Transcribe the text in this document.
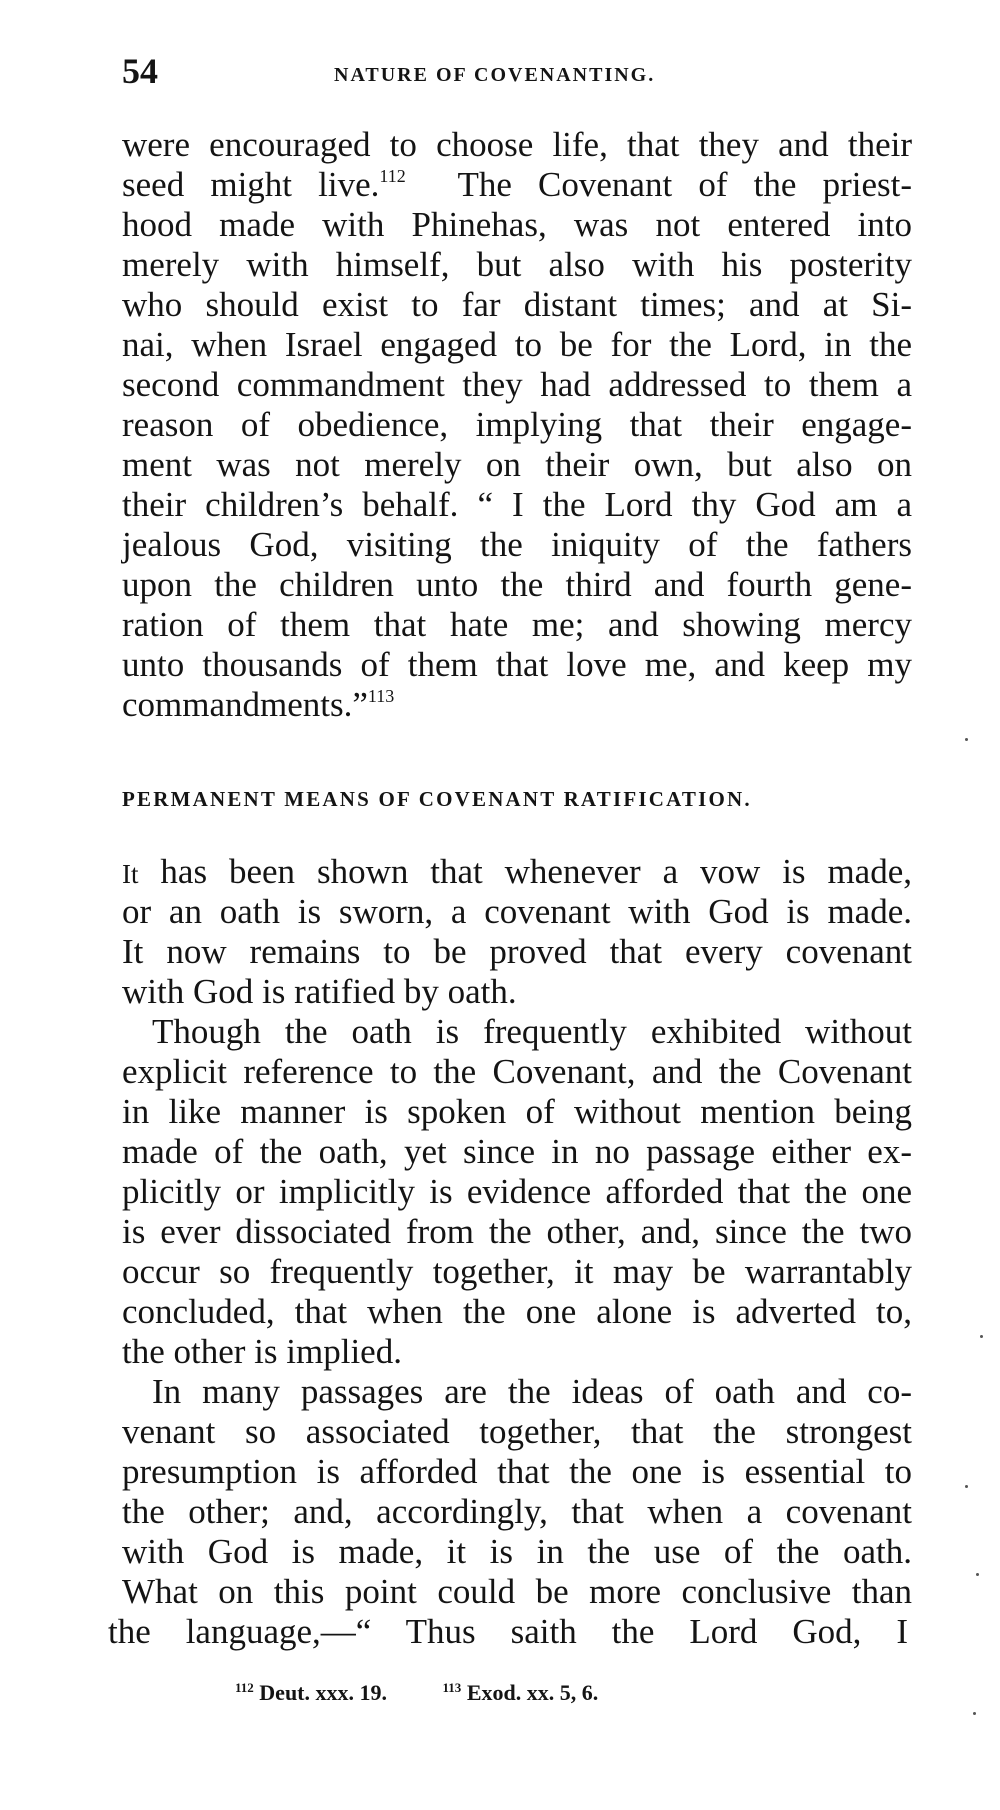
54	NATURE OF COVENANTING.
were encouraged to choose life, that they and their
seed might live.$^{112}$  The Covenant of the priest-
hood made with Phinehas, was not entered into
merely with himself, but also with his posterity
who should exist to far distant times; and at Si-
nai, when Israel engaged to be for the Lord, in the
second commandment they had addressed to them a
reason of obedience, implying that their engage-
ment was not merely on their own, but also on
their children’s behalf. “ I the Lord thy God am a
jealous God, visiting the iniquity of the fathers
upon the children unto the third and fourth gene-
ration of them that hate me; and showing mercy
unto thousands of them that love me, and keep my
commandments.”$^{113}$
PERMANENT MEANS OF COVENANT RATIFICATION.
It has been shown that whenever a vow is made,
or an oath is sworn, a covenant with God is made.
It now remains to be proved that every covenant
with God is ratified by oath.
Though the oath is frequently exhibited without
explicit reference to the Covenant, and the Covenant
in like manner is spoken of without mention being
made of the oath, yet since in no passage either ex-
plicitly or implicitly is evidence afforded that the one
is ever dissociated from the other, and, since the two
occur so frequently together, it may be warrantably
concluded, that when the one alone is adverted to,
the other is implied.
In many passages are the ideas of oath and co-
venant so associated together, that the strongest
presumption is afforded that the one is essential to
the other; and, accordingly, that when a covenant
with God is made, it is in the use of the oath.
What on this point could be more conclusive than
the language,—“ Thus saith the Lord God, I
$^{112}$ Deut. xxx. 19.	$^{113}$ Exod. xx. 5, 6.
